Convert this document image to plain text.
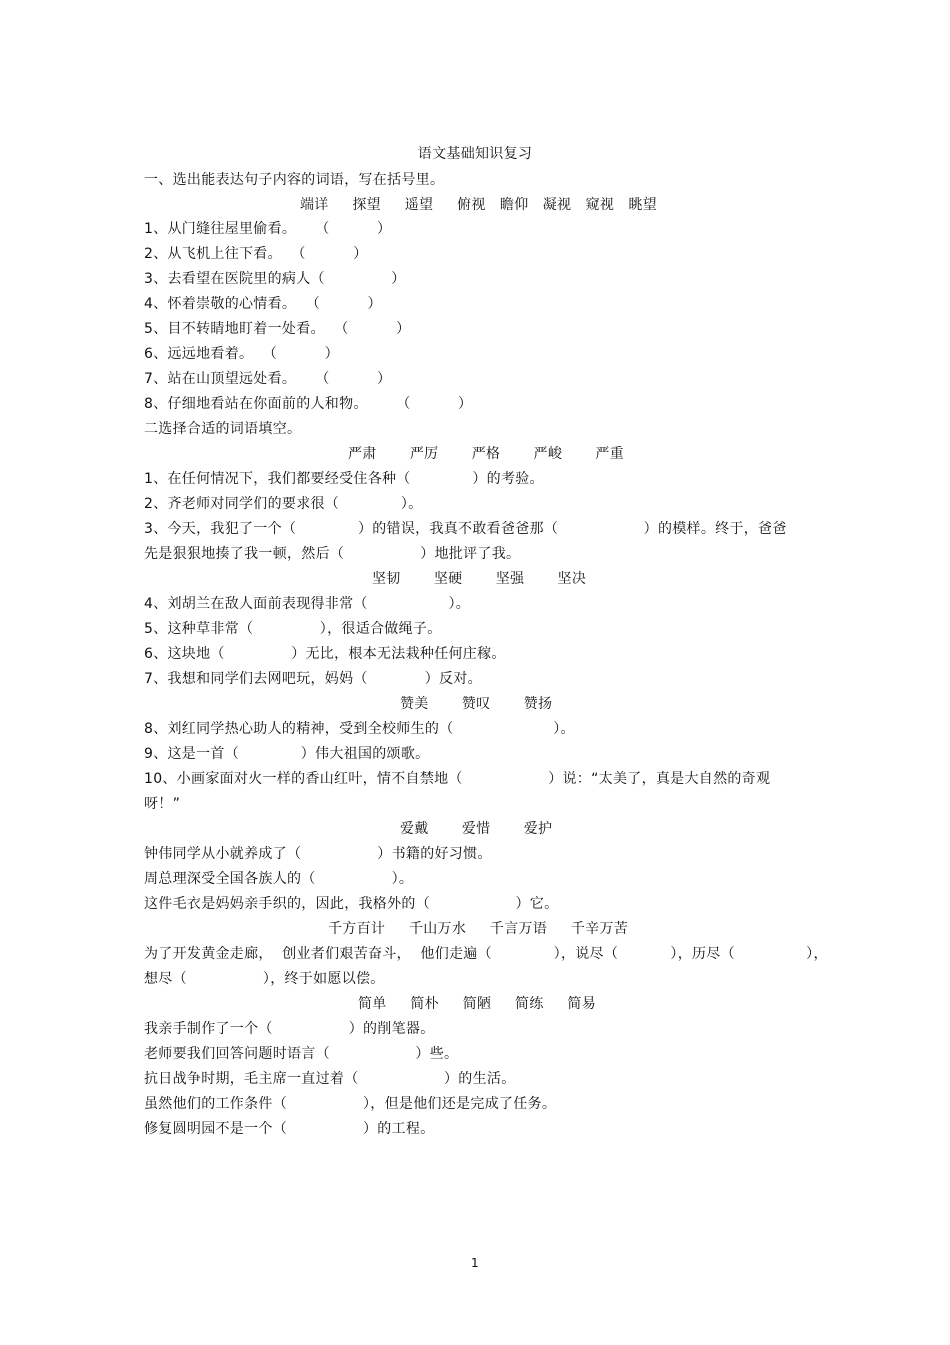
语文基础知识复习
一、选出能表达句子内容的词语，写在括号里。
端详     探望     遥望     俯视   瞻仰   凝视   窥视   眺望
1、从门缝往屋里偷看。    （          ）
2、从飞机上往下看。  （          ）
3、去看望在医院里的病人（              ）
4、怀着崇敬的心情看。  （          ）
5、目不转睛地盯着一处看。  （          ）
6、远远地看着。  （          ）
7、站在山顶望远处看。    （          ）
8、仔细地看站在你面前的人和物。      （          ）
二选择合适的词语填空。
严肃       严厉       严格       严峻       严重
1、在任何情况下，我们都要经受住各种（             ）的考验。
2、齐老师对同学们的要求很（             ）。
3、今天，我犯了一个（             ）的错误，我真不敢看爸爸那（                  ）的模样。终于，爸爸
先是狠狠地揍了我一顿，然后（                ）地批评了我。
坚韧       坚硬       坚强       坚决
4、刘胡兰在敌人面前表现得非常（                 ）。
5、这种草非常（              ），很适合做绳子。
6、这块地（              ）无比，根本无法栽种任何庄稼。
7、我想和同学们去网吧玩，妈妈（            ）反对。
赞美       赞叹       赞扬
8、刘红同学热心助人的精神，受到全校师生的（                     ）。
9、这是一首（             ）伟大祖国的颂歌。
10、小画家面对火一样的香山红叶，情不自禁地（                  ）说：“太美了，真是大自然的奇观
呀！”
爱戴       爱惜       爱护
钟伟同学从小就养成了（                ）书籍的好习惯。
周总理深受全国各族人的（                ）。
这件毛衣是妈妈亲手织的，因此，我格外的（                  ）它。
千方百计     千山万水     千言万语     千辛万苦
为了开发黄金走廊，  创业者们艰苦奋斗，  他们走遍（             ），说尽（           ），历尽（               ），
想尽（                ），终于如愿以偿。
简单     简朴     简陋     简练     简易
我亲手制作了一个（                ）的削笔器。
老师要我们回答问题时语言（                  ）些。
抗日战争时期，毛主席一直过着（                  ）的生活。
虽然他们的工作条件（                ），但是他们还是完成了任务。
修复圆明园不是一个（                ）的工程。
1
